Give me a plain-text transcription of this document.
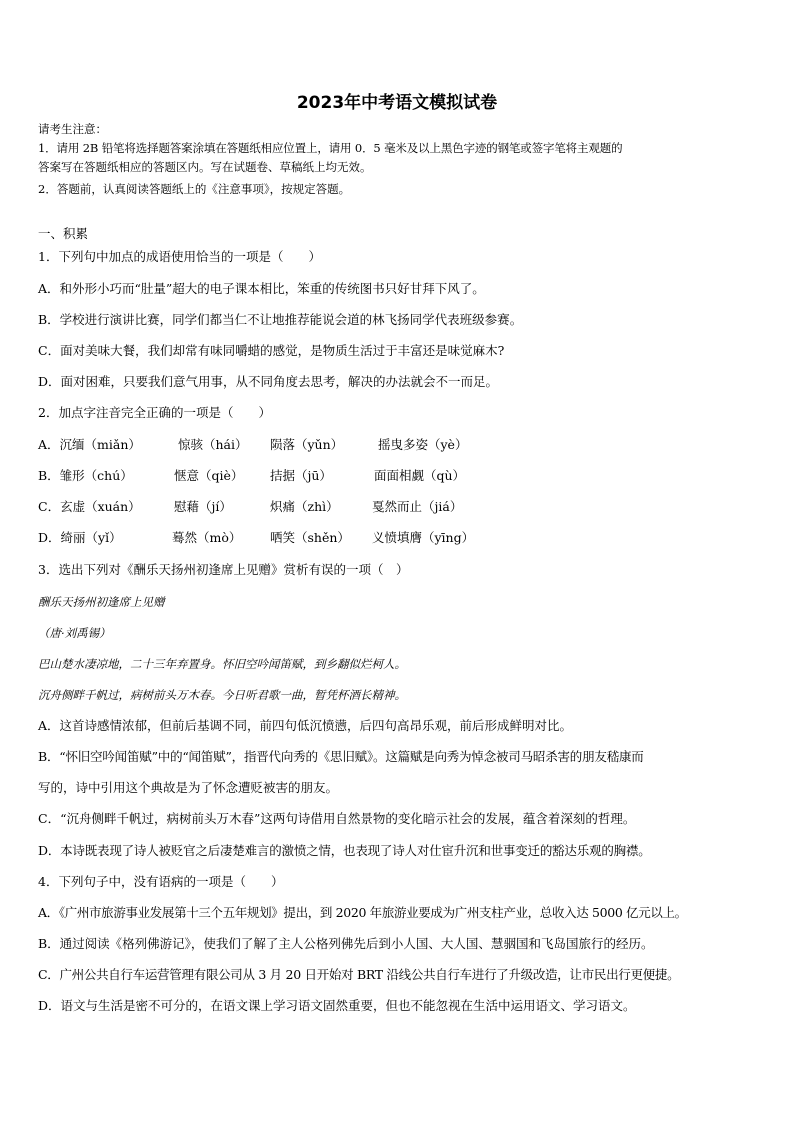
2023年中考语文模拟试卷
请考生注意：
1．请用 2B 铅笔将选择题答案涂填在答题纸相应位置上，请用 0．5 毫米及以上黑色字迹的钢笔或签字笔将主观题的
答案写在答题纸相应的答题区内。写在试题卷、草稿纸上均无效。
2．答题前，认真阅读答题纸上的《注意事项》，按规定答题。
一、积累
1．下列句中加点的成语使用恰当的一项是（　　）
A．和外形小巧而“肚量”超大的电子课本相比，笨重的传统图书只好甘拜下风了。
B．学校进行演讲比赛，同学们都当仁不让地推荐能说会道的林飞扬同学代表班级参赛。
C．面对美味大餐，我们却常有味同嚼蜡的感觉，是物质生活过于丰富还是味觉麻木?
D．面对困难，只要我们意气用事，从不同角度去思考，解决的办法就会不一而足。
2．加点字注音完全正确的一项是（　　）
A．沉缅（miǎn）	惊骇（hái） 陨落（yǔn）	摇曳多姿（yè）
B．雏形（chú）	惬意（qiè） 拮据（jū）	面面相觑（qù）
C．玄虚（xuán）	慰藉（jí）	炽痛（zhì）	戛然而止（jiá）
D．绮丽（yǐ）	蓦然（mò） 哂笑（shěn） 义愤填膺（yīng）
3．选出下列对《酬乐天扬州初逢席上见赠》赏析有误的一项（　）
酬乐天扬州初逢席上见赠
（唐·刘禹锡）
巴山楚水凄凉地，二十三年弃置身。怀旧空吟闻笛赋，到乡翻似烂柯人。
沉舟侧畔千帆过，病树前头万木春。今日听君歌一曲，暂凭杯酒长精神。
A．这首诗感情浓郁，但前后基调不同，前四句低沉愤懑，后四句高昂乐观，前后形成鲜明对比。
B．“怀旧空吟闻笛赋”中的“闻笛赋”，指晋代向秀的《思旧赋》。这篇赋是向秀为悼念被司马昭杀害的朋友嵇康而
写的，诗中引用这个典故是为了怀念遭贬被害的朋友。
C．“沉舟侧畔千帆过，病树前头万木春”这两句诗借用自然景物的变化暗示社会的发展，蕴含着深刻的哲理。
D．本诗既表现了诗人被贬官之后凄楚难言的激愤之情，也表现了诗人对仕宦升沉和世事变迁的豁达乐观的胸襟。
4．下列句子中，没有语病的一项是（　　）
A．《广州市旅游事业发展第十三个五年规划》提出，到 2020 年旅游业要成为广州支柱产业，总收入达 5000 亿元以上。
B．通过阅读《格列佛游记》，使我们了解了主人公格列佛先后到小人国、大人国、慧骃国和飞岛国旅行的经历。
C．广州公共自行车运营管理有限公司从 3 月 20 日开始对 BRT 沿线公共自行车进行了升级改造，让市民出行更便捷。
D．语文与生活是密不可分的，在语文课上学习语文固然重要，但也不能忽视在生活中运用语文、学习语文。
